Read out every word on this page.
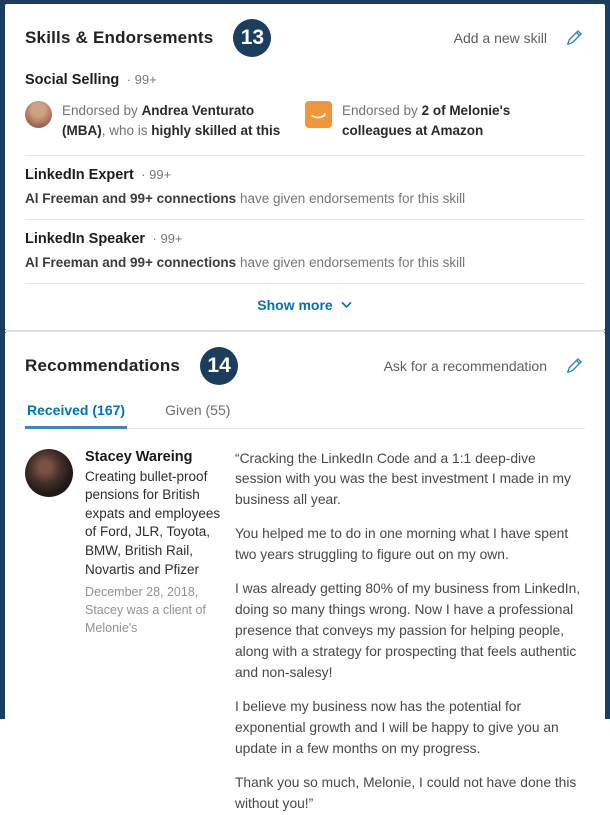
Skills & Endorsements	13	Add a new skill
Social Selling · 99+
Endorsed by Andrea Venturato (MBA), who is highly skilled at this
Endorsed by 2 of Melonie's colleagues at Amazon
LinkedIn Expert · 99+
Al Freeman and 99+ connections have given endorsements for this skill
LinkedIn Speaker · 99+
Al Freeman and 99+ connections have given endorsements for this skill
Show more
Recommendations	14	Ask for a recommendation
Received (167)	Given (55)
Stacey Wareing
Creating bullet-proof pensions for British expats and employees of Ford, JLR, Toyota, BMW, British Rail, Novartis and Pfizer
December 28, 2018, Stacey was a client of Melonie's

“Cracking the LinkedIn Code and a 1:1 deep-dive session with you was the best investment I made in my business all year.

You helped me to do in one morning what I have spent two years struggling to figure out on my own.

I was already getting 80% of my business from LinkedIn, doing so many things wrong. Now I have a professional presence that conveys my passion for helping people, along with a strategy for prospecting that feels authentic and non-salesy!

I believe my business now has the potential for exponential growth and I will be happy to give you an update in a few months on my progress.

Thank you so much, Melonie, I could not have done this without you!”
